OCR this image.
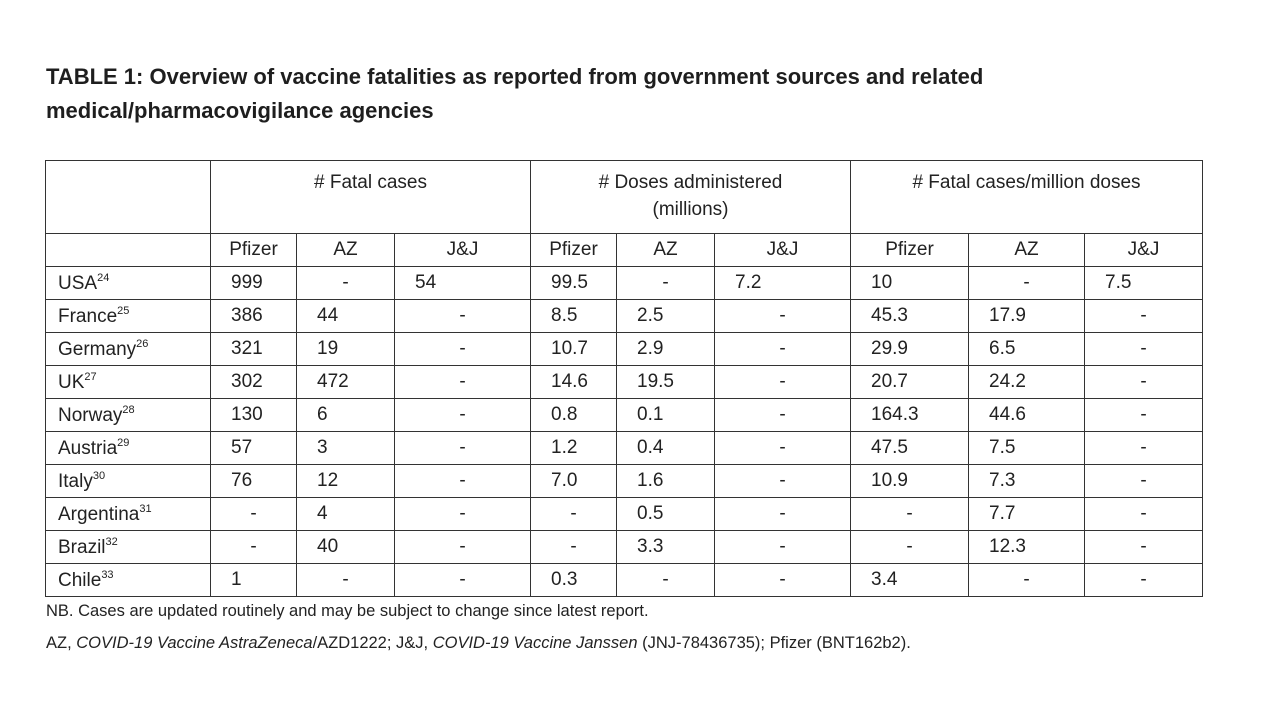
TABLE 1: Overview of vaccine fatalities as reported from government sources and related medical/pharmacovigilance agencies
	# Fatal cases			# Doses administered (millions)			# Fatal cases/million doses		
	Pfizer	AZ	J&J	Pfizer	AZ	J&J	Pfizer	AZ	J&J
USA$^{24}$	999	-	54	99.5	-	7.2	10	-	7.5
France$^{25}$	386	44	-	8.5	2.5	-	45.3	17.9	-
Germany$^{26}$	321	19	-	10.7	2.9	-	29.9	6.5	-
UK$^{27}$	302	472	-	14.6	19.5	-	20.7	24.2	-
Norway$^{28}$	130	6	-	0.8	0.1	-	164.3	44.6	-
Austria$^{29}$	57	3	-	1.2	0.4	-	47.5	7.5	-
Italy$^{30}$	76	12	-	7.0	1.6	-	10.9	7.3	-
Argentina$^{31}$	-	4	-	-	0.5	-	-	7.7	-
Brazil$^{32}$	-	40	-	-	3.3	-	-	12.3	-
Chile$^{33}$	1	-	-	0.3	-	-	3.4	-	-
NB. Cases are updated routinely and may be subject to change since latest report.
AZ, COVID-19 Vaccine AstraZeneca/AZD1222; J&J, COVID-19 Vaccine Janssen (JNJ-78436735); Pfizer (BNT162b2).
